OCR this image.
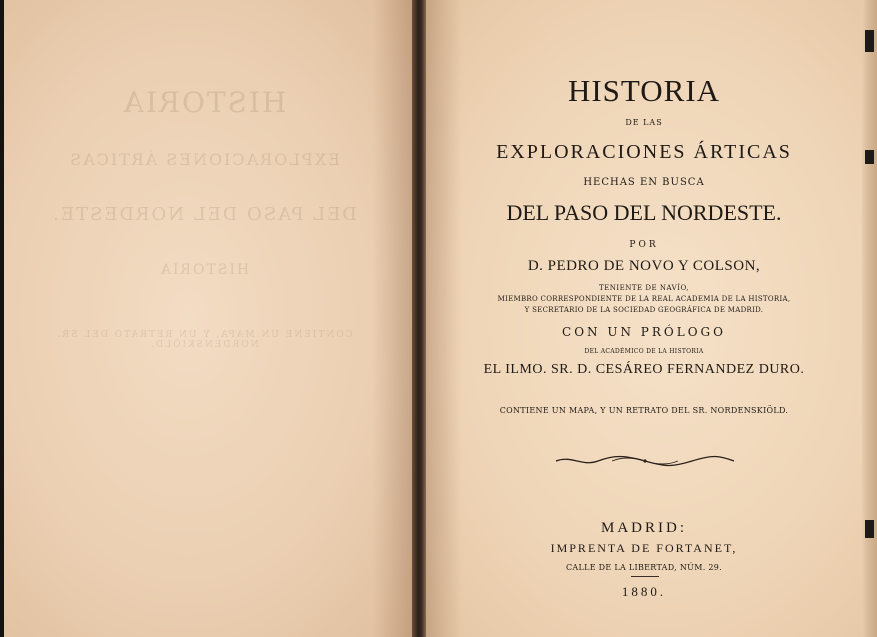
HISTORIA
EXPLORACIONES ÁRTICAS
DEL PASO DEL NORDESTE.
HISTORIA
CONTIENE UN MAPA, Y UN RETRATO DEL SR. NORDENSKIÖLD.
HISTORIA
DE LAS
EXPLORACIONES ÁRTICAS
HECHAS EN BUSCA
DEL PASO DEL NORDESTE.
POR
D. PEDRO DE NOVO Y COLSON,
TENIENTE DE NAVÍO,
MIEMBRO CORRESPONDIENTE DE LA REAL ACADEMIA DE LA HISTORIA,
Y SECRETARIO DE LA SOCIEDAD GEOGRÁFICA DE MADRID.
CON UN PRÓLOGO
DEL ACADÉMICO DE LA HISTORIA
EL ILMO. SR. D. CESÁREO FERNANDEZ DURO.
CONTIENE UN MAPA, Y UN RETRATO DEL SR. NORDENSKIÖLD.
MADRID:
IMPRENTA DE FORTANET,
CALLE DE LA LIBERTAD, NÚM. 29.
1880.
